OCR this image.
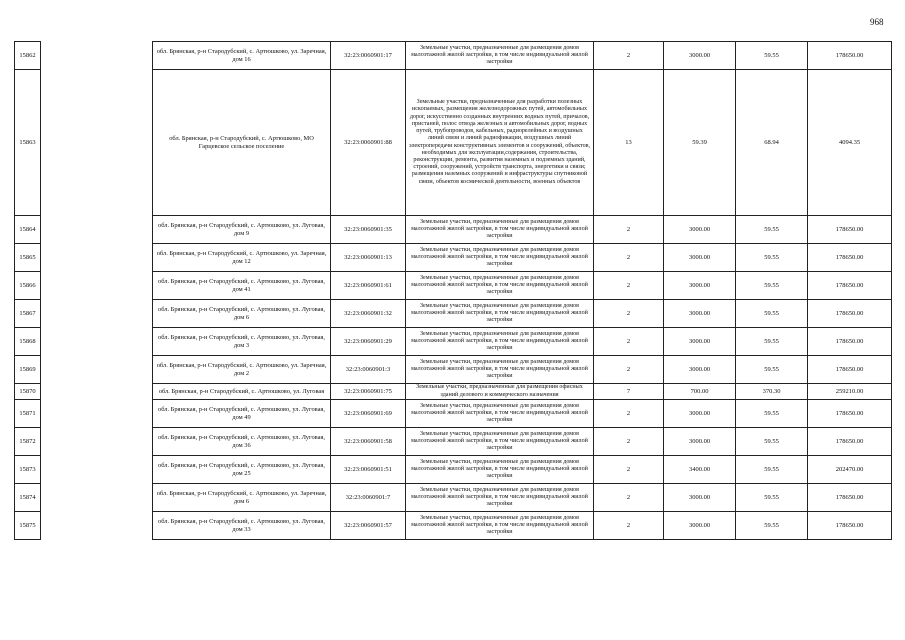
968
15862		обл. Брянская, р-н Стародубский, с. Артюшково, ул. Заречная, дом 16	32:23:0060901:17	Земельные участки, предназначенные для размещения домов малоэтажной жилой застройки, в том числе индивидуальной жилой застройки	2	3000.00	59.55	178650.00
15863		обл. Брянская, р-н Стародубский, с. Артюшково, МО Гарцевское сельское поселение	32:23:0060901:88	Земельные участки, предназначенные для разработки полезных ископаемых, размещения железнодорожных путей, автомобильных дорог, искусственно созданных внутренних водных путей, причалов, пристаней, полос отвода железных и автомобильных дорог, водных путей, трубопроводов, кабельных, радиорелейных и воздушных линий связи и линий радиофикации, воздушных линий электропередачи конструктивных элементов и сооружений, объектов, необходимых для эксплуатации,содержания, строительства, реконструкции, ремонта, развития наземных и подземных зданий, строений, сооружений, устройств транспорта, энергетики и связи; размещения наземных сооружений и инфраструктуры спутниковой связи, объектов космической деятельности, военных объектов	13	59.39	68.94	4094.35
15864		обл. Брянская, р-н Стародубский, с. Артюшково, ул. Луговая, дом 9	32:23:0060901:35	Земельные участки, предназначенные для размещения домов малоэтажной жилой застройки, в том числе индивидуальной жилой застройки	2	3000.00	59.55	178650.00
15865		обл. Брянская, р-н Стародубский, с. Артюшково, ул. Заречная, дом 12	32:23:0060901:13	Земельные участки, предназначенные для размещения домов малоэтажной жилой застройки, в том числе индивидуальной жилой застройки	2	3000.00	59.55	178650.00
15866		обл. Брянская, р-н Стародубский, с. Артюшково, ул. Луговая, дом 41	32:23:0060901:61	Земельные участки, предназначенные для размещения домов малоэтажной жилой застройки, в том числе индивидуальной жилой застройки	2	3000.00	59.55	178650.00
15867		обл. Брянская, р-н Стародубский, с. Артюшково, ул. Луговая, дом 6	32:23:0060901:32	Земельные участки, предназначенные для размещения домов малоэтажной жилой застройки, в том числе индивидуальной жилой застройки	2	3000.00	59.55	178650.00
15868		обл. Брянская, р-н Стародубский, с. Артюшково, ул. Луговая, дом 3	32:23:0060901:29	Земельные участки, предназначенные для размещения домов малоэтажной жилой застройки, в том числе индивидуальной жилой застройки	2	3000.00	59.55	178650.00
15869		обл. Брянская, р-н Стародубский, с. Артюшково, ул. Заречная, дом 2	32:23:0060901:3	Земельные участки, предназначенные для размещения домов малоэтажной жилой застройки, в том числе индивидуальной жилой застройки	2	3000.00	59.55	178650.00
15870		обл. Брянская, р-н Стародубский, с. Артюшково, ул. Луговая	32:23:0060901:75	Земельные участки, предназначенные для размещения офисных зданий делового и коммерческого назначения	7	700.00	370.30	259210.00
15871		обл. Брянская, р-н Стародубский, с. Артюшково, ул. Луговая, дом 49	32:23:0060901:69	Земельные участки, предназначенные для размещения домов малоэтажной жилой застройки, в том числе индивидуальной жилой застройки	2	3000.00	59.55	178650.00
15872		обл. Брянская, р-н Стародубский, с. Артюшково, ул. Луговая, дом 36	32:23:0060901:58	Земельные участки, предназначенные для размещения домов малоэтажной жилой застройки, в том числе индивидуальной жилой застройки	2	3000.00	59.55	178650.00
15873		обл. Брянская, р-н Стародубский, с. Артюшково, ул. Луговая, дом 25	32:23:0060901:51	Земельные участки, предназначенные для размещения домов малоэтажной жилой застройки, в том числе индивидуальной жилой застройки	2	3400.00	59.55	202470.00
15874		обл. Брянская, р-н Стародубский, с. Артюшково, ул. Заречная, дом 6	32:23:0060901:7	Земельные участки, предназначенные для размещения домов малоэтажной жилой застройки, в том числе индивидуальной жилой застройки	2	3000.00	59.55	178650.00
15875		обл. Брянская, р-н Стародубский, с. Артюшково, ул. Луговая, дом 33	32:23:0060901:57	Земельные участки, предназначенные для размещения домов малоэтажной жилой застройки, в том числе индивидуальной жилой застройки	2	3000.00	59.55	178650.00
